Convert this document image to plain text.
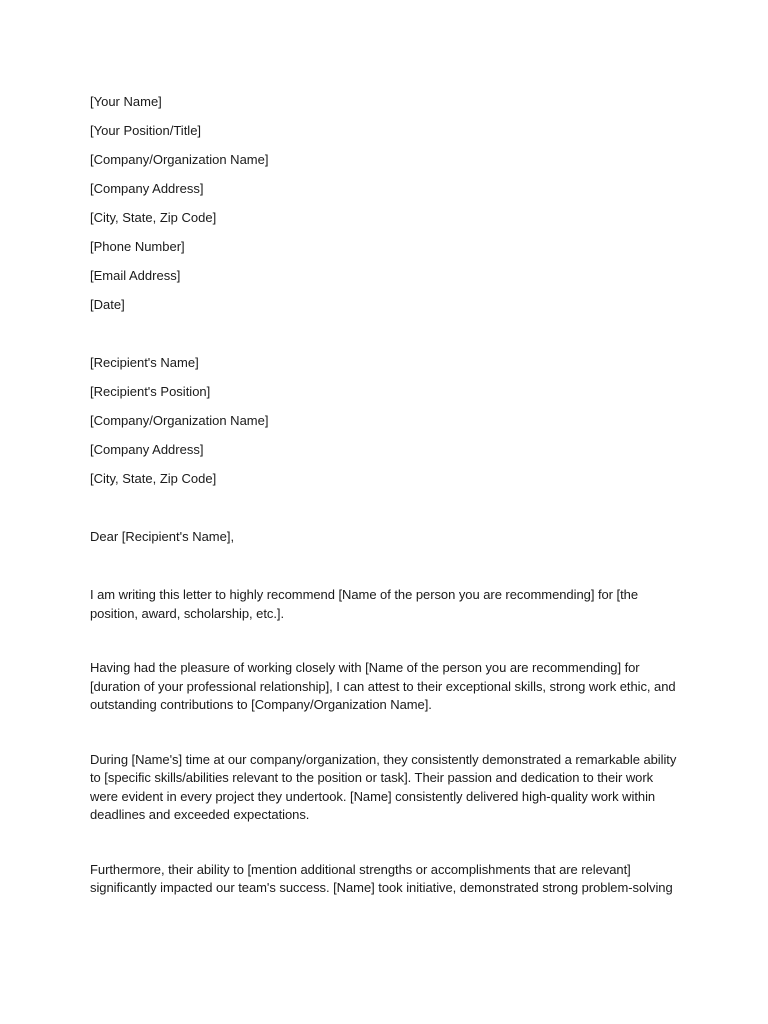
[Your Name]
[Your Position/Title]
[Company/Organization Name]
[Company Address]
[City, State, Zip Code]
[Phone Number]
[Email Address]
[Date]
[Recipient's Name]
[Recipient's Position]
[Company/Organization Name]
[Company Address]
[City, State, Zip Code]
Dear [Recipient's Name],

I am writing this letter to highly recommend [Name of the person you are recommending] for [the position, award, scholarship, etc.].

Having had the pleasure of working closely with [Name of the person you are recommending] for [duration of your professional relationship], I can attest to their exceptional skills, strong work ethic, and outstanding contributions to [Company/Organization Name].

During [Name's] time at our company/organization, they consistently demonstrated a remarkable ability to [specific skills/abilities relevant to the position or task]. Their passion and dedication to their work were evident in every project they undertook. [Name] consistently delivered high-quality work within deadlines and exceeded expectations.

Furthermore, their ability to [mention additional strengths or accomplishments that are relevant] significantly impacted our team's success. [Name] took initiative, demonstrated strong problem-solving
